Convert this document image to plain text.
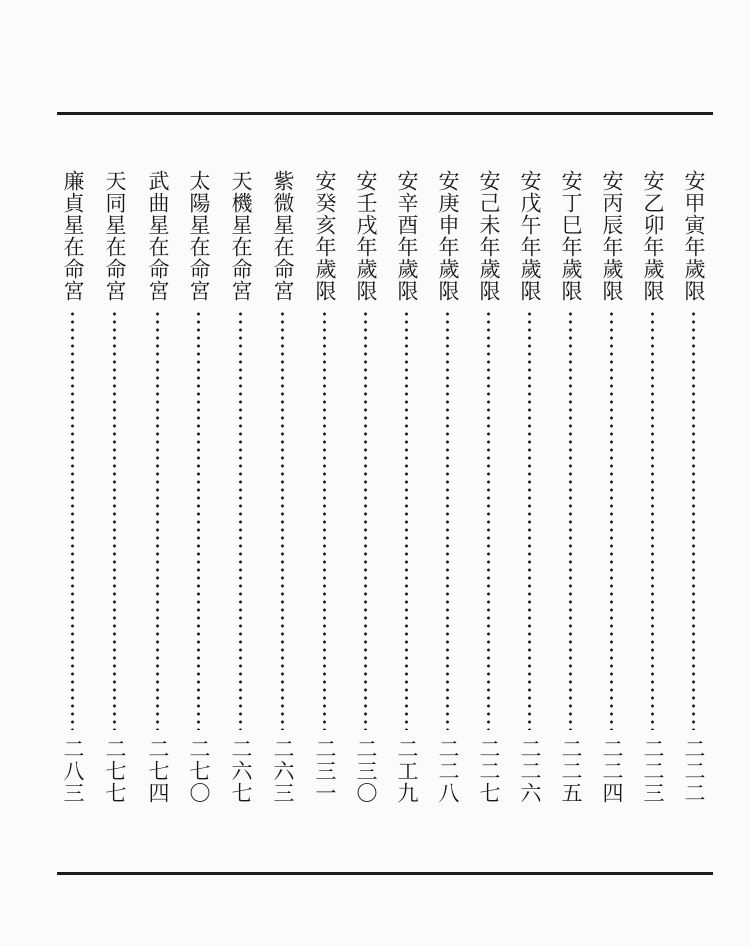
安甲寅年歲限
二二二
安乙卯年歲限
二二三
安丙辰年歲限
二二四
安丁巳年歲限
二二五
安戊午年歲限
二二六
安己未年歲限
二二七
安庚申年歲限
二二八
安辛酉年歲限
二工九
安壬戌年歲限
二三〇
安癸亥年歲限
二三一
紫微星在命宮
二六三
天機星在命宮
二六七
太陽星在命宮
二七〇
武曲星在命宮
二七四
天同星在命宮
二七七
廉貞星在命宮
二八三
